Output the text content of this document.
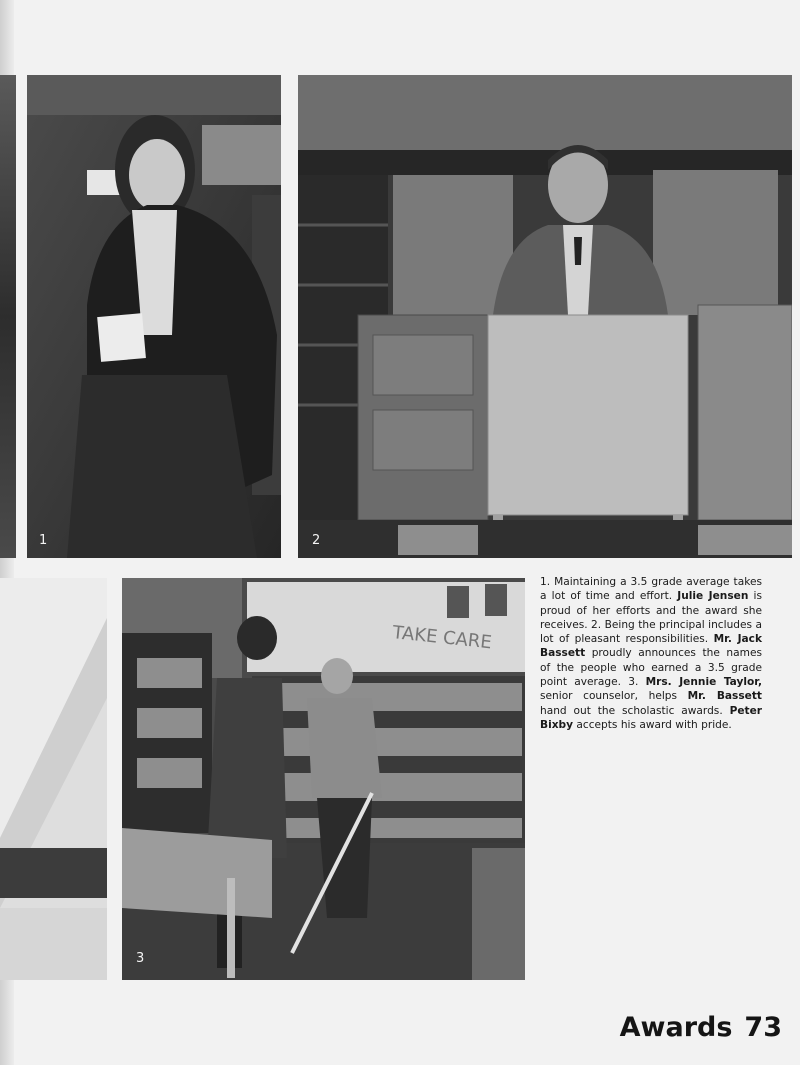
1	2
TAKE CARE
3
1. Maintaining a 3.5 grade average takes a lot of time and effort. Julie Jensen is proud of her efforts and the award she receives. 2. Being the principal includes a lot of pleasant responsibilities. Mr. Jack Bassett proudly announces the names of the people who earned a 3.5 grade point average. 3. Mrs. Jennie Taylor, senior counselor, helps Mr. Bassett hand out the scholastic awards. Peter Bixby accepts his award with pride.
Awards 73
